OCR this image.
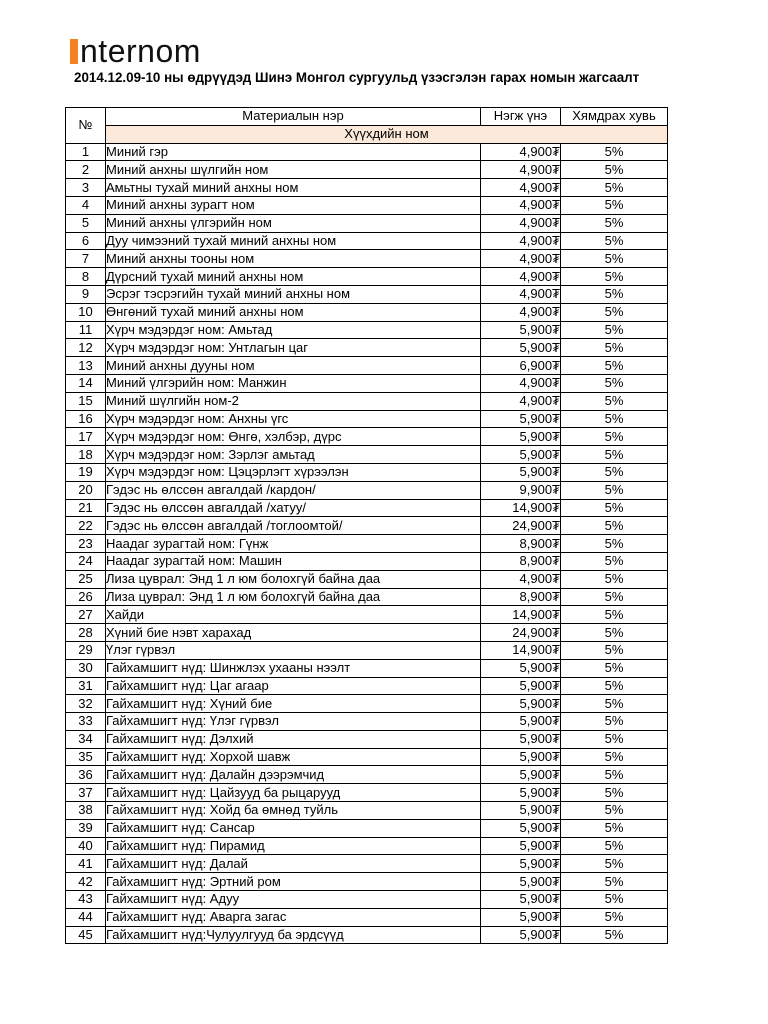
nternom
2014.12.09-10 ны өдрүүдэд Шинэ Монгол сургуульд үзэсгэлэн гарах номын жагсаалт
№	Материалын нэр	Нэгж үнэ	Хямдрах хувь
	Хүүхдийн ном		
1	Миний гэр	4,900₮	5%
2	Миний анхны шүлгийн ном	4,900₮	5%
3	Амьтны тухай миний анхны ном	4,900₮	5%
4	Миний анхны зурагт ном	4,900₮	5%
5	Миний анхны үлгэрийн ном	4,900₮	5%
6	Дуу чимээний тухай миний анхны ном	4,900₮	5%
7	Миний анхны тооны ном	4,900₮	5%
8	Дүрсний тухай миний анхны ном	4,900₮	5%
9	Эсрэг тэсрэгийн тухай миний анхны ном	4,900₮	5%
10	Өнгөний тухай миний анхны ном	4,900₮	5%
11	Хүрч мэдэрдэг ном: Амьтад	5,900₮	5%
12	Хүрч мэдэрдэг ном: Унтлагын цаг	5,900₮	5%
13	Миний анхны дууны ном	6,900₮	5%
14	Миний үлгэрийн ном: Манжин	4,900₮	5%
15	Миний шүлгийн ном-2	4,900₮	5%
16	Хүрч мэдэрдэг ном: Анхны үгс	5,900₮	5%
17	Хүрч мэдэрдэг ном: Өнгө, хэлбэр, дүрс	5,900₮	5%
18	Хүрч мэдэрдэг ном: Зэрлэг амьтад	5,900₮	5%
19	Хүрч мэдэрдэг ном: Цэцэрлэгт хүрээлэн	5,900₮	5%
20	Гэдэс нь өлссөн авгалдай /кардон/	9,900₮	5%
21	Гэдэс нь өлссөн авгалдай /хатуу/	14,900₮	5%
22	Гэдэс нь өлссөн авгалдай /тоглоомтой/	24,900₮	5%
23	Наадаг зурагтай ном: Гүнж	8,900₮	5%
24	Наадаг зурагтай ном: Машин	8,900₮	5%
25	Лиза цуврал: Энд 1 л юм болохгүй байна даа	4,900₮	5%
26	Лиза цуврал: Энд 1 л юм болохгүй байна даа	8,900₮	5%
27	Хайди	14,900₮	5%
28	Хүний бие нэвт харахад	24,900₮	5%
29	Үлэг гүрвэл	14,900₮	5%
30	Гайхамшигт нүд: Шинжлэх ухааны нээлт	5,900₮	5%
31	Гайхамшигт нүд: Цаг агаар	5,900₮	5%
32	Гайхамшигт нүд: Хүний бие	5,900₮	5%
33	Гайхамшигт нүд: Үлэг гүрвэл	5,900₮	5%
34	Гайхамшигт нүд: Дэлхий	5,900₮	5%
35	Гайхамшигт нүд: Хорхой шавж	5,900₮	5%
36	Гайхамшигт нүд: Далайн дээрэмчид	5,900₮	5%
37	Гайхамшигт нүд: Цайзууд ба рыцарууд	5,900₮	5%
38	Гайхамшигт нүд: Хойд ба өмнөд туйль	5,900₮	5%
39	Гайхамшигт нүд: Сансар	5,900₮	5%
40	Гайхамшигт нүд: Пирамид	5,900₮	5%
41	Гайхамшигт нүд: Далай	5,900₮	5%
42	Гайхамшигт нүд: Эртний ром	5,900₮	5%
43	Гайхамшигт нүд: Адуу	5,900₮	5%
44	Гайхамшигт нүд: Аварга загас	5,900₮	5%
45	Гайхамшигт нүд:Чулуулгууд ба эрдсүүд	5,900₮	5%
